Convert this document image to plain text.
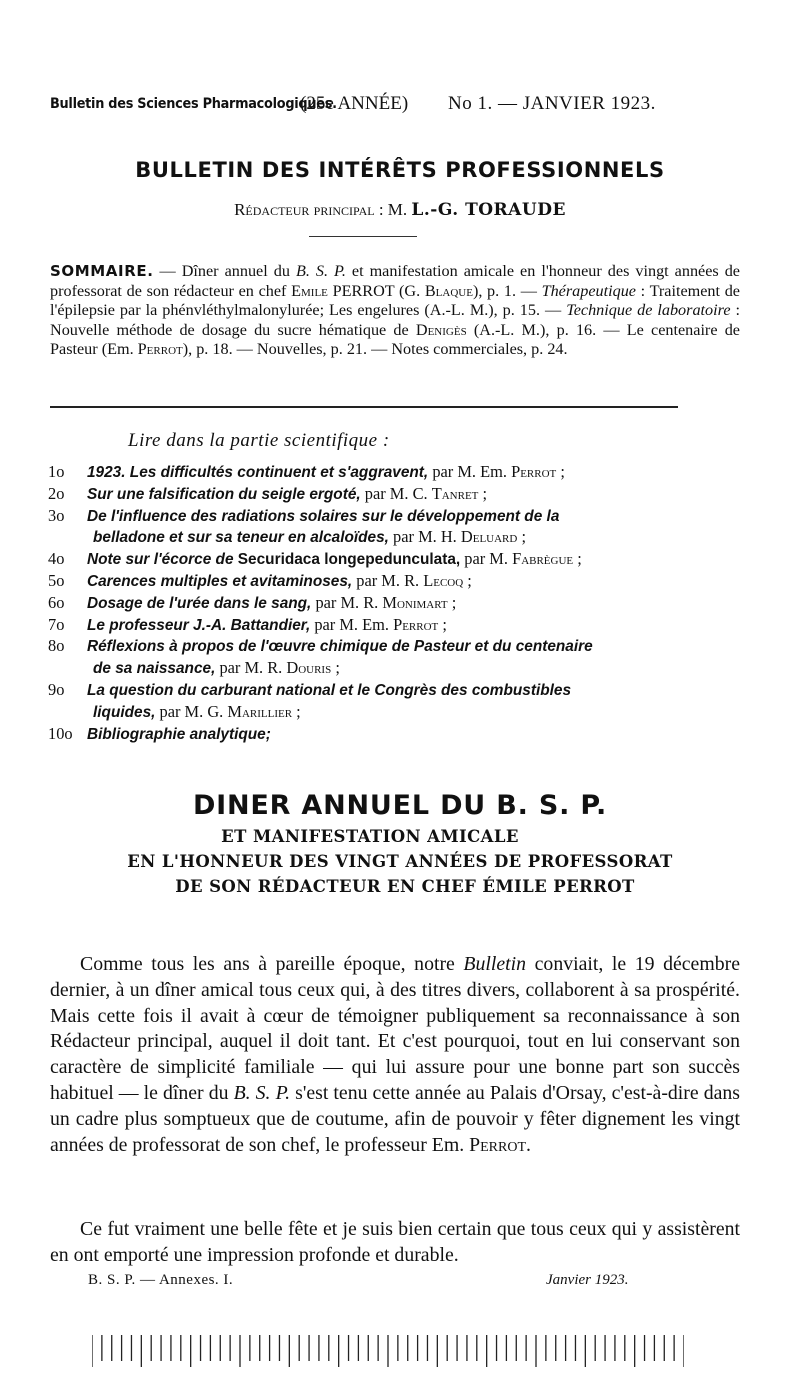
Bulletin des Sciences Pharmacologiques.
(25e ANNÉE) No 1. — JANVIER 1923.
BULLETIN DES INTÉRÊTS PROFESSIONNELS
Rédacteur principal : M. L.-G. TORAUDE
SOMMAIRE. — Dîner annuel du B. S. P. et manifestation amicale en l'honneur des vingt années de professorat de son rédacteur en chef Emile PERROT (G. Blaque), p. 1. — Thérapeutique : Traitement de l'épilepsie par la phénvléthylmalonylurée; Les engelures (A.-L. M.), p. 15. — Technique de laboratoire : Nouvelle méthode de dosage du sucre hématique de Denigès (A.-L. M.), p. 16. — Le centenaire de Pasteur (Em. Perrot), p. 18. — Nouvelles, p. 21. — Notes commerciales, p. 24.
Lire dans la partie scientifique :
1o 1923. Les difficultés continuent et s'aggravent, par M. Em. Perrot ;
2o Sur une falsification du seigle ergoté, par M. C. Tanret ;
3o De l'influence des radiations solaires sur le développement de la
belladone et sur sa teneur en alcaloïdes, par M. H. Deluard ;
4o Note sur l'écorce de Securidaca longepedunculata, par M. Fabrègue ;
5o Carences multiples et avitaminoses, par M. R. Lecoq ;
6o Dosage de l'urée dans le sang, par M. R. Monimart ;
7o Le professeur J.-A. Battandier, par M. Em. Perrot ;
8o Réflexions à propos de l'œuvre chimique de Pasteur et du centenaire
de sa naissance, par M. R. Douris ;
9o La question du carburant national et le Congrès des combustibles
liquides, par M. G. Marillier ;
10o Bibliographie analytique;
DINER ANNUEL DU B. S. P.
ET MANIFESTATION AMICALE
EN L'HONNEUR DES VINGT ANNÉES DE PROFESSORAT
DE SON RÉDACTEUR EN CHEF ÉMILE PERROT

Comme tous les ans à pareille époque, notre Bulletin conviait, le 19 décembre dernier, à un dîner amical tous ceux qui, à des titres divers, collaborent à sa prospérité. Mais cette fois il avait à cœur de témoigner publiquement sa reconnaissance à son Rédacteur principal, auquel il doit tant. Et c'est pourquoi, tout en lui conservant son caractère de simplicité familiale — qui lui assure pour une bonne part son succès habituel — le dîner du B. S. P. s'est tenu cette année au Palais d'Orsay, c'est-à-dire dans un cadre plus somptueux que de coutume, afin de pouvoir y fêter dignement les vingt années de professorat de son chef, le professeur Em. Perrot.

Ce fut vraiment une belle fête et je suis bien certain que tous ceux qui y assistèrent en ont emporté une impression profonde et durable.

B. S. P. — Annexes. I.	Janvier 1923.
